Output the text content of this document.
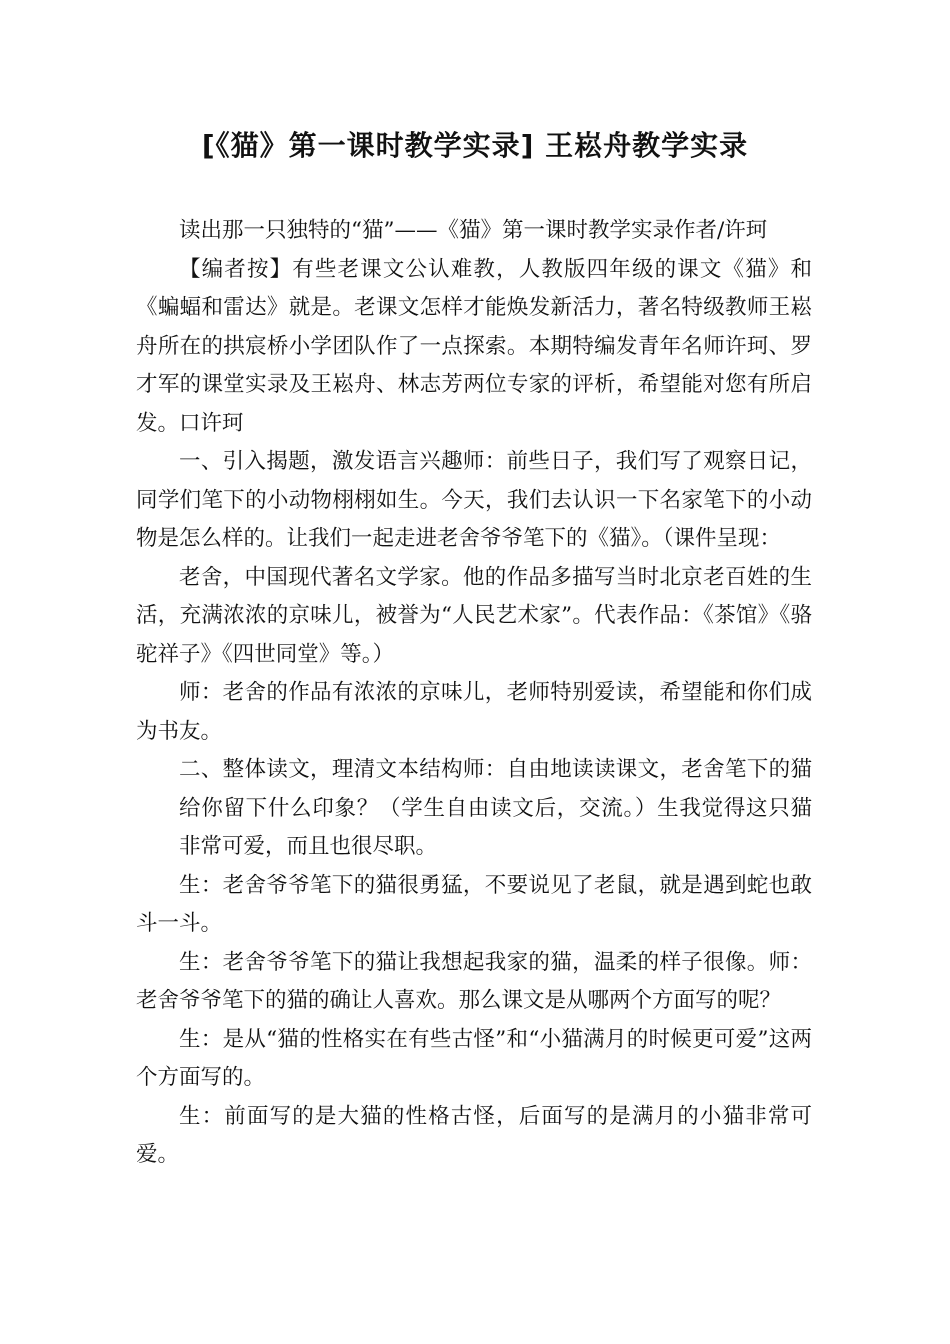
[《猫》第一课时教学实录] 王崧舟教学实录

读出那一只独特的“猫”——《猫》第一课时教学实录作者/许珂

【编者按】有些老课文公认难教，人教版四年级的课文《猫》和《蝙蝠和雷达》就是。老课文怎样才能焕发新活力，著名特级教师王崧舟所在的拱宸桥小学团队作了一点探索。本期特编发青年名师许珂、罗才军的课堂实录及王崧舟、林志芳两位专家的评析，希望能对您有所启发。口许珂

一、引入揭题，激发语言兴趣师：前些日子，我们写了观察日记，同学们笔下的小动物栩栩如生。今天，我们去认识一下名家笔下的小动物是怎么样的。让我们一起走进老舍爷爷笔下的《猫》。（课件呈现：

老舍，中国现代著名文学家。他的作品多描写当时北京老百姓的生活，充满浓浓的京味儿，被誉为“人民艺术家”。代表作品：《茶馆》《骆驼祥子》《四世同堂》等。）

师：老舍的作品有浓浓的京味儿，老师特别爱读，希望能和你们成为书友。

二、整体读文，理清文本结构师：自由地读读课文，老舍笔下的猫给你留下什么印象？（学生自由读文后，交流。）生我觉得这只猫非常可爱，而且也很尽职。

生：老舍爷爷笔下的猫很勇猛，不要说见了老鼠，就是遇到蛇也敢斗一斗。

生：老舍爷爷笔下的猫让我想起我家的猫，温柔的样子很像。师：老舍爷爷笔下的猫的确让人喜欢。那么课文是从哪两个方面写的呢？

生：是从“猫的性格实在有些古怪”和“小猫满月的时候更可爱”这两个方面写的。

生：前面写的是大猫的性格古怪，后面写的是满月的小猫非常可爱。
